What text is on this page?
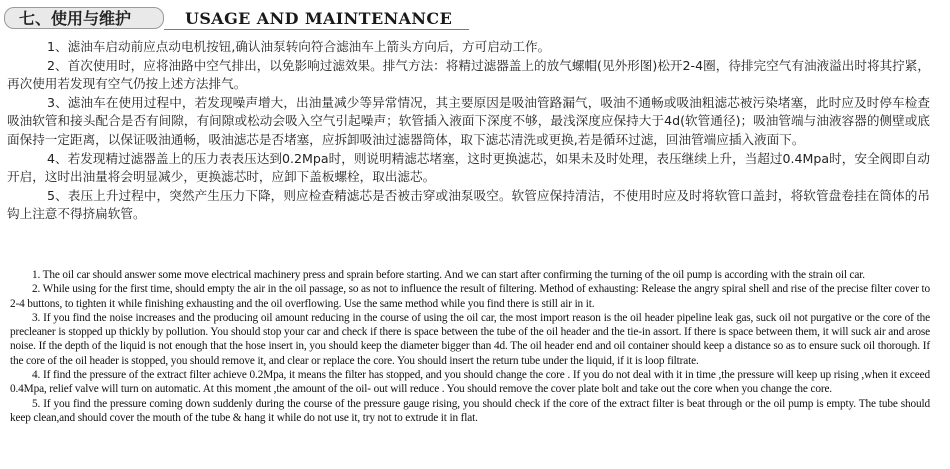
七、使用与维护	USAGE AND MAINTENANCE

1、滤油车启动前应点动电机按钮,确认油泵转向符合滤油车上箭头方向后，方可启动工作。

2、首次使用时，应将油路中空气排出，以免影响过滤效果。排气方法：将精过滤器盖上的放气螺帽(见外形图)松开2-4圈，待排完空气有油液溢出时将其拧紧，再次使用若发现有空气仍按上述方法排气。

3、滤油车在使用过程中，若发现噪声增大，出油量减少等异常情况，其主要原因是吸油管路漏气，吸油不通畅或吸油粗滤芯被污染堵塞，此时应及时停车检查吸油软管和接头配合是否有间隙，有间隙或松动会吸入空气引起噪声；软管插入液面下深度不够，最浅深度应保持大于4d(软管通径)；吸油管端与油液容器的侧壁或底面保持一定距离，以保证吸油通畅，吸油滤芯是否堵塞，应拆卸吸油过滤器筒体，取下滤芯清洗或更换,若是循环过滤，回油管端应插入液面下。

4、若发现精过滤器盖上的压力表表压达到0.2Mpa时，则说明精滤芯堵塞，这时更换滤芯，如果未及时处理，表压继续上升，当超过0.4Mpa时，安全阀即自动开启，这时出油量将会明显减少，更换滤芯时，应卸下盖板螺栓，取出滤芯。

5、表压上升过程中，突然产生压力下降，则应检查精滤芯是否被击穿或油泵吸空。软管应保持清洁，不使用时应及时将软管口盖封，将软管盘卷挂在筒体的吊钩上注意不得挤扁软管。

1. The oil car should answer some move electrical machinery press and sprain before starting. And we can start after confirming the turning of the oil pump is according with the strain oil car.

2. While using for the first time, should empty the air in the oil passage, so as not to influence the result of filtering. Method of exhausting: Release the angry spiral shell and rise of the precise filter cover to 2-4 buttons, to tighten it while finishing exhausting and the oil overflowing. Use the same method while you find there is still air in it.

3. If you find the noise increases and the producing oil amount reducing in the course of using the oil car, the most import reason is the oil header pipeline leak gas, suck oil not purgative or the core of the precleaner is stopped up thickly by pollution. You should stop your car and check if there is space between the tube of the oil header and the tie-in assort. If there is space between them, it will suck air and arose noise. If the depth of the liquid is not enough that the hose insert in, you should keep the diameter bigger than 4d. The oil header end and oil container should keep a distance so as to ensure suck oil thorough. If the core of the oil header is stopped, you should remove it, and clear or replace the core. You should insert the return tube under the liquid, if it is loop filtrate.

4. If find the pressure of the extract filter achieve 0.2Mpa, it means the filter has stopped, and you should change the core . If you do not deal with it in time ,the pressure will keep up rising ,when it exceed 0.4Mpa, relief valve will turn on automatic. At this moment ,the amount of the oil- out will reduce . You should remove the cover plate bolt and take out the core when you change the core.

5. If you find the pressure coming down suddenly during the course of the pressure gauge rising, you should check if the core of the extract filter is beat through or the oil pump is empty. The tube should keep clean,and should cover the mouth of the tube & hang it while do not use it, try not to extrude it in flat.
